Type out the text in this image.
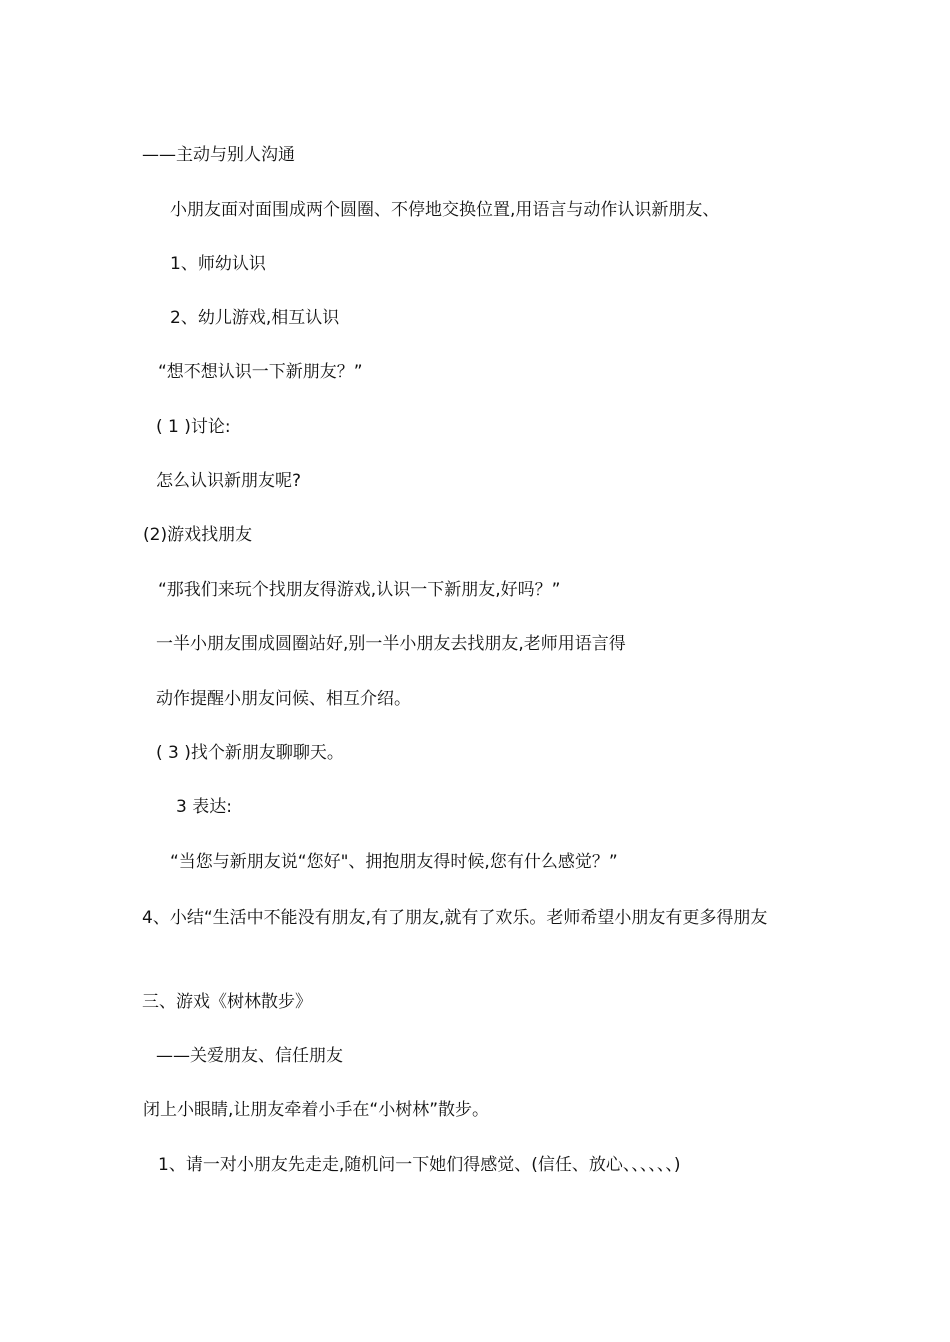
——主动与别人沟通

小朋友面对面围成两个圆圈、不停地交换位置,用语言与动作认识新朋友、

1、师幼认识

2、幼儿游戏,相互认识

“想不想认识一下新朋友？”

( 1 )讨论:

怎么认识新朋友呢?

(2)游戏找朋友

“那我们来玩个找朋友得游戏,认识一下新朋友,好吗？”

一半小朋友围成圆圈站好,别一半小朋友去找朋友,老师用语言得

动作提醒小朋友问候、相互介绍。

( 3 )找个新朋友聊聊天。

3 表达:

“当您与新朋友说“您好"、拥抱朋友得时候,您有什么感觉？”

4、小结“生活中不能没有朋友,有了朋友,就有了欢乐。老师希望小朋友有更多得朋友

三、游戏《树林散步》

——关爱朋友、信任朋友

闭上小眼睛,让朋友牵着小手在“小树林”散步。

1、请一对小朋友先走走,随机问一下她们得感觉、(信任、放心、、、、、、)
